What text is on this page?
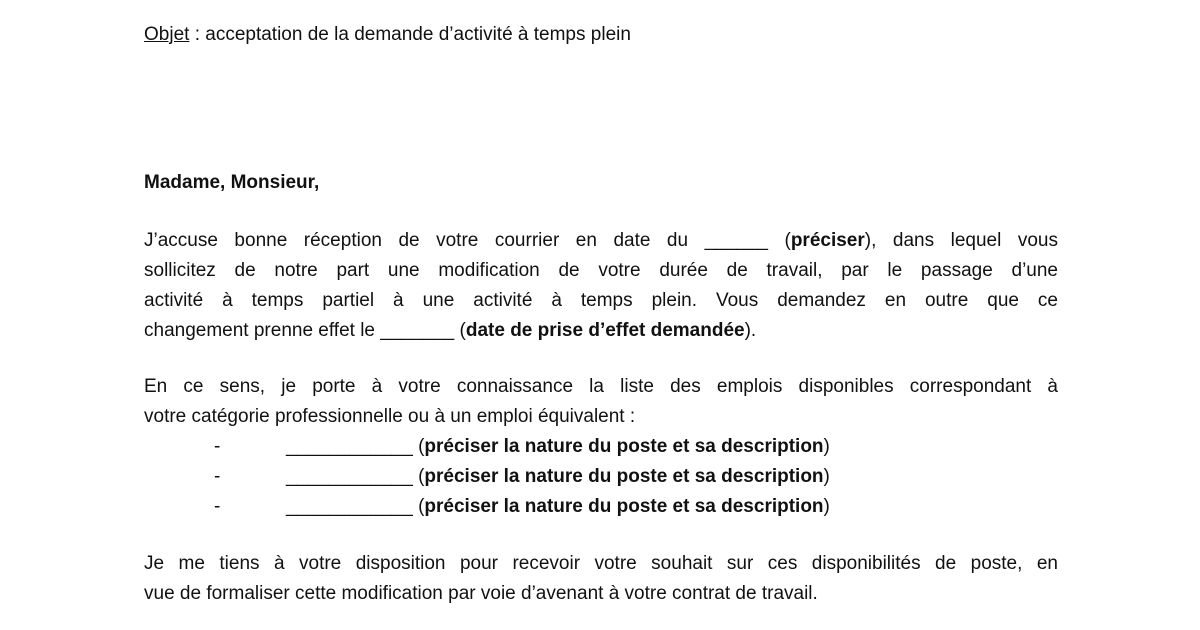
Objet : acceptation de la demande d’activité à temps plein
Madame, Monsieur,
J’accuse bonne réception de votre courrier en date du ______ (préciser), dans lequel vous
sollicitez de notre part une modification de votre durée de travail, par le passage d’une
activité à temps partiel à une activité à temps plein. Vous demandez en outre que ce
changement prenne effet le _______ (date de prise d’effet demandée).
En ce sens, je porte à votre connaissance la liste des emplois disponibles correspondant à
votre catégorie professionnelle ou à un emploi équivalent :
-	____________ (préciser la nature du poste et sa description)
-	____________ (préciser la nature du poste et sa description)
-	____________ (préciser la nature du poste et sa description)
Je me tiens à votre disposition pour recevoir votre souhait sur ces disponibilités de poste, en
vue de formaliser cette modification par voie d’avenant à votre contrat de travail.
